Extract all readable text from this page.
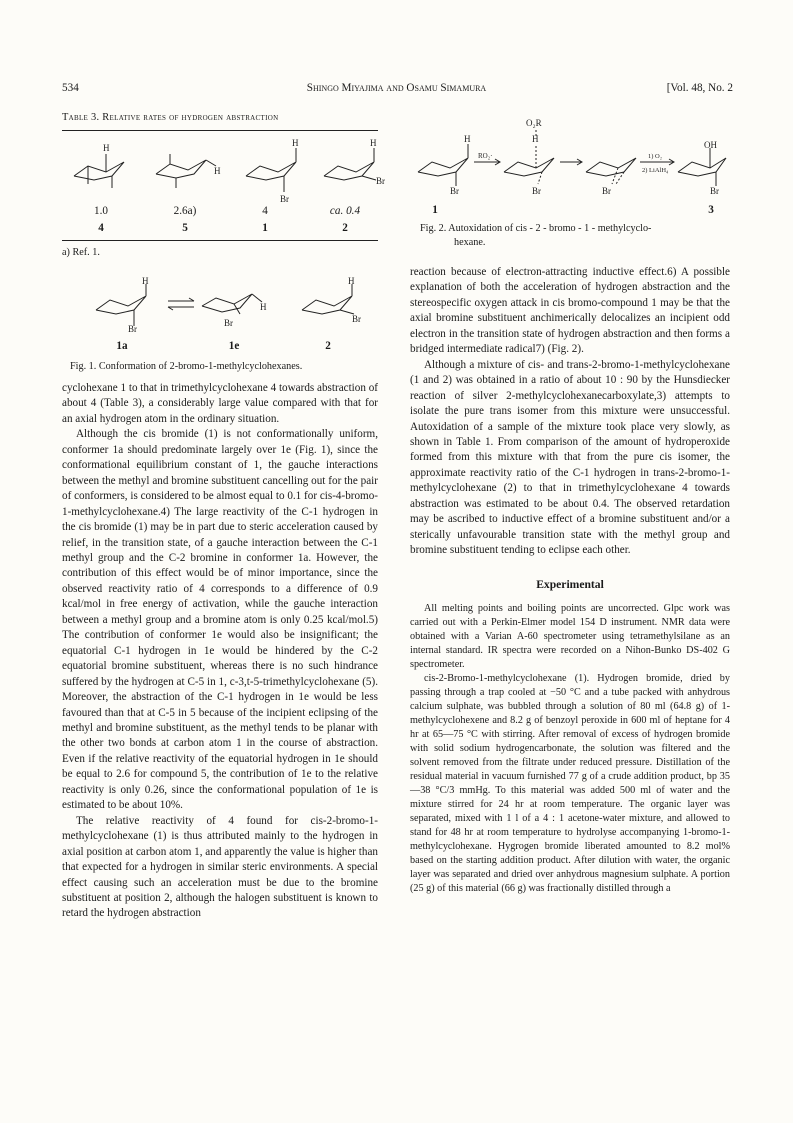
534	Shingo Miyajima and Osamu Simamura	[Vol. 48, No. 2
Table 3. Relative rates of hydrogen abstraction
H
H
H
Br
H
Br
1.0	2.6a)	4	ca. 0.4
4	5	1	2
a) Ref. 1.
H
Br
H
Br
H
Br
1a	1e	2
Fig. 1. Conformation of 2-bromo-1-methylcyclohexanes.

cyclohexane 1 to that in trimethylcyclohexane 4 towards abstraction of about 4 (Table 3), a considerably large value compared with that for an axial hydrogen atom in the ordinary situation.

Although the cis bromide (1) is not conformationally uniform, conformer 1a should predominate largely over 1e (Fig. 1), since the conformational equilibrium constant of 1, the gauche interactions between the methyl and bromine substituent cancelling out for the pair of conformers, is considered to be almost equal to 0.1 for cis-4-bromo-1-methylcyclohexane.4) The large reactivity of the C-1 hydrogen in the cis bromide (1) may be in part due to steric acceleration caused by relief, in the transition state, of a gauche interaction between the C-1 methyl group and the C-2 bromine in conformer 1a. However, the contribution of this effect would be of minor importance, since the observed reactivity ratio of 4 corresponds to a difference of 0.9 kcal/mol in free energy of activation, while the gauche interaction between a methyl group and a bromine atom is only 0.25 kcal/mol.5) The contribution of conformer 1e would also be insignificant; the equatorial C-1 hydrogen in 1e would be hindered by the C-2 equatorial bromine substituent, whereas there is no such hindrance suffered by the hydrogen at C-5 in 1, c-3,t-5-trimethylcyclohexane (5). Moreover, the abstraction of the C-1 hydrogen in 1e would be less favoured than that at C-5 in 5 because of the incipient eclipsing of the methyl and bromine substituent, as the methyl tends to be planar with the other two bonds at carbon atom 1 in the course of abstraction. Even if the relative reactivity of the equatorial hydrogen in 1e should be equal to 2.6 for compound 5, the contribution of 1e to the relative reactivity is only 0.26, since the conformational population of 1e is estimated to be about 10%.

The relative reactivity of 4 found for cis-2-bromo-1-methylcyclohexane (1) is thus attributed mainly to the hydrogen in axial position at carbon atom 1, and apparently the value is higher than that expected for a hydrogen in similar steric environments. A special effect causing such an acceleration must be due to the bromine substituent at position 2, although the halogen substituent is known to retard the hydrogen abstraction

H
Br
RO₂·
H
O₂R
Br	Br
1) O₂
2) LiAlH₄
OH
Br
1	3
Fig. 2. Autoxidation of cis - 2 - bromo - 1 - methylcyclo-
hexane.

reaction because of electron-attracting inductive effect.6) A possible explanation of both the acceleration of hydrogen abstraction and the stereospecific oxygen attack in cis bromo-compound 1 may be that the axial bromine substituent anchimerically delocalizes an incipient odd electron in the transition state of hydrogen abstraction and then forms a bridged intermediate radical7) (Fig. 2).

Although a mixture of cis- and trans-2-bromo-1-methylcyclohexane (1 and 2) was obtained in a ratio of about 10 : 90 by the Hunsdiecker reaction of silver 2-methylcyclohexanecarboxylate,3) attempts to isolate the pure trans isomer from this mixture were unsuccessful. Autoxidation of a sample of the mixture took place very slowly, as shown in Table 1. From comparison of the amount of hydroperoxide formed from this mixture with that from the pure cis isomer, the approximate reactivity ratio of the C-1 hydrogen in trans-2-bromo-1-methylcyclohexane (2) to that in trimethylcyclohexane 4 towards abstraction was estimated to be about 0.4. The observed retardation may be ascribed to inductive effect of a bromine substituent and/or a sterically unfavourable transition state with the methyl group and bromine substituent tending to eclipse each other.

Experimental

All melting points and boiling points are uncorrected. Glpc work was carried out with a Perkin-Elmer model 154 D instrument. NMR data were obtained with a Varian A-60 spectrometer using tetramethylsilane as an internal standard. IR spectra were recorded on a Nihon-Bunko DS-402 G spectrometer.

cis-2-Bromo-1-methylcyclohexane (1). Hydrogen bromide, dried by passing through a trap cooled at −50 °C and a tube packed with anhydrous calcium sulphate, was bubbled through a solution of 80 ml (64.8 g) of 1-methylcyclohexene and 8.2 g of benzoyl peroxide in 600 ml of heptane for 4 hr at 65—75 °C with stirring. After removal of excess of hydrogen bromide with solid sodium hydrogencarbonate, the solution was filtered and the solvent removed from the filtrate under reduced pressure. Distillation of the residual material in vacuum furnished 77 g of a crude addition product, bp 35—38 °C/3 mmHg. To this material was added 500 ml of water and the mixture stirred for 24 hr at room temperature. The organic layer was separated, mixed with 1 l of a 4 : 1 acetone-water mixture, and allowed to stand for 48 hr at room temperature to hydrolyse accompanying 1-bromo-1-methylcyclohexane. Hygrogen bromide liberated amounted to 8.2 mol% based on the starting addition product. After dilution with water, the organic layer was separated and dried over anhydrous magnesium sulphate. A portion (25 g) of this material (66 g) was fractionally distilled through a
